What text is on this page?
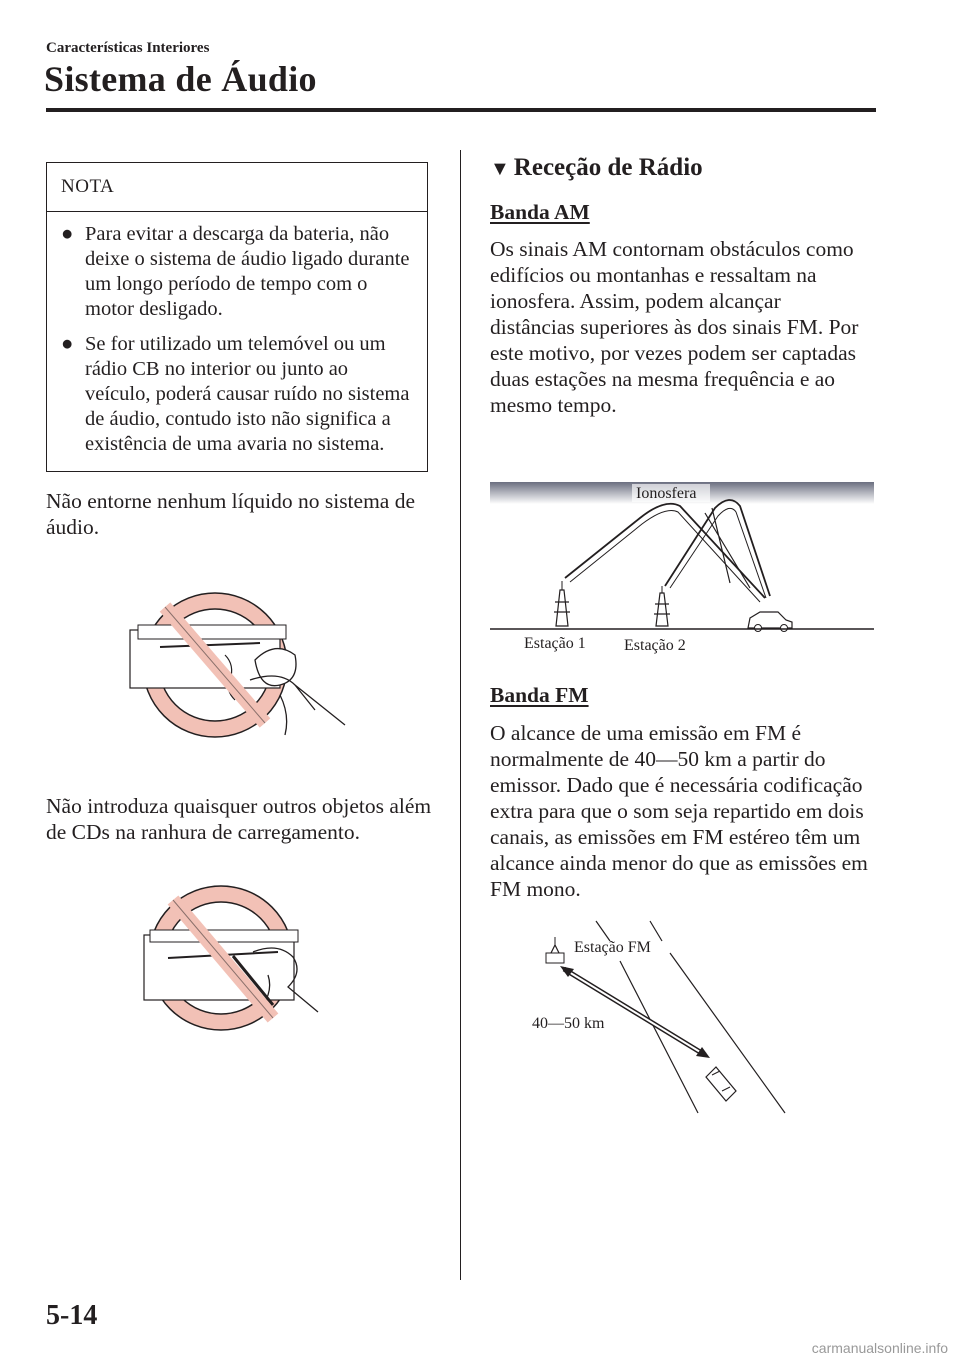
Características Interiores
Sistema de Áudio
NOTA
● Para evitar a descarga da bateria, não deixe o sistema de áudio ligado durante um longo período de tempo com o motor desligado.
● Se for utilizado um telemóvel ou um rádio CB no interior ou junto ao veículo, poderá causar ruído no sistema de áudio, contudo isto não significa a existência de uma avaria no sistema.
Não entorne nenhum líquido no sistema de áudio.
Não introduza quaisquer outros objetos além de CDs na ranhura de carregamento.
▼ Receção de Rádio
Banda AM
Os sinais AM contornam obstáculos como edifícios ou montanhas e ressaltam na ionosfera. Assim, podem alcançar distâncias superiores às dos sinais FM. Por este motivo, por vezes podem ser captadas duas estações na mesma frequência e ao mesmo tempo.
Ionosfera
Estação 1 Estação 2
Banda FM
O alcance de uma emissão em FM é normalmente de 40—50 km a partir do emissor. Dado que é necessária codificação extra para que o som seja repartido em dois canais, as emissões em FM estéreo têm um alcance ainda menor do que as emissões em FM mono.
Estação FM
40—50 km
5-14
carmanualsonline.info
